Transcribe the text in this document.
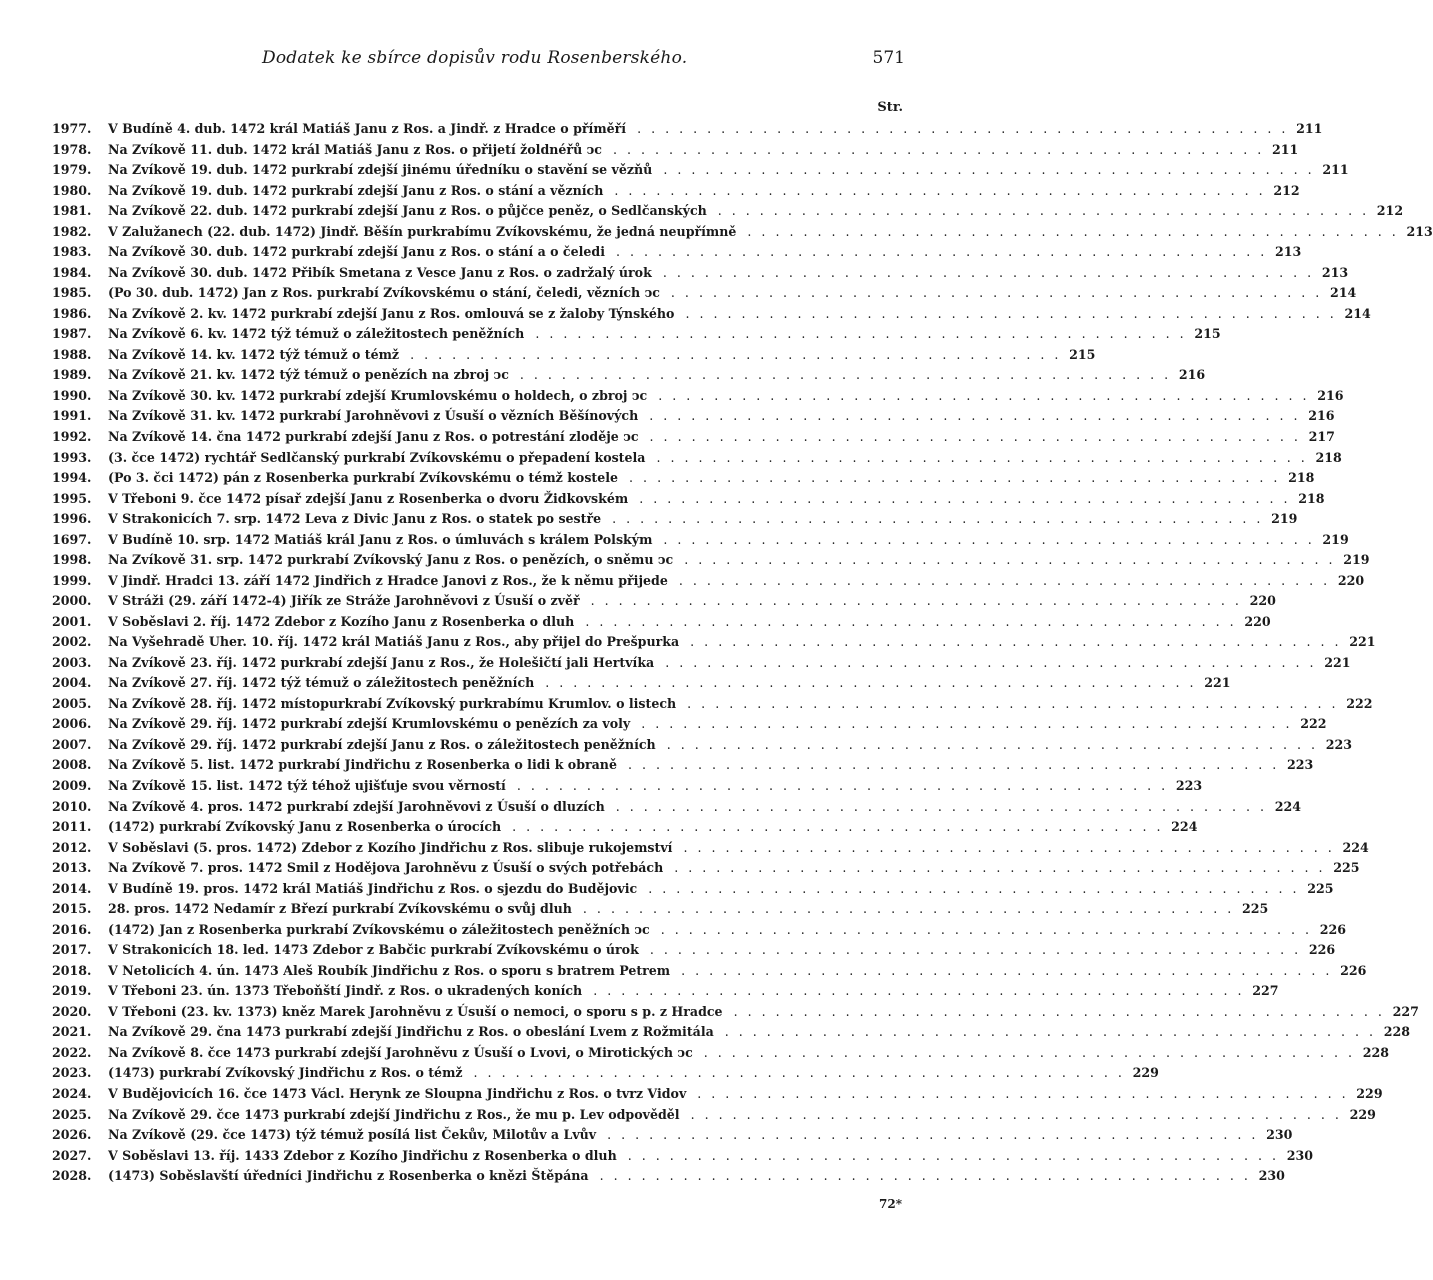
Dodatek ke sbírce dopisův rodu Rosenberského.	571
Str.
1977.	V Budíně 4. dub. 1472 král Matiáš Janu z Ros. a Jindř. z Hradce o příměří . . . . . . . . . . . . . . . . . . . . . . . . . . . . . . . . . . . . . . . . . . . . . . . 211
1978.	Na Zvíkově 11. dub. 1472 král Matiáš Janu z Ros. o přijetí žoldnéřů ↄc . . . . . . . . . . . . . . . . . . . . . . . . . . . . . . . . . . . . . . . . . . . . . . . 211
1979.	Na Zvíkově 19. dub. 1472 purkrabí zdejší jinému úředníku o stavění se vězňů . . . . . . . . . . . . . . . . . . . . . . . . . . . . . . . . . . . . . . . . . . . . . . . 211
1980.	Na Zvíkově 19. dub. 1472 purkrabí zdejší Janu z Ros. o stání a vězních . . . . . . . . . . . . . . . . . . . . . . . . . . . . . . . . . . . . . . . . . . . . . . . 212
1981.	Na Zvíkově 22. dub. 1472 purkrabí zdejší Janu z Ros. o půjčce peněz, o Sedlčanských . . . . . . . . . . . . . . . . . . . . . . . . . . . . . . . . . . . . . . . . . . . . . . . 212
1982.	V Zalužanech (22. dub. 1472) Jindř. Běšín purkrabímu Zvíkovskému, že jedná neupřímně . . . . . . . . . . . . . . . . . . . . . . . . . . . . . . . . . . . . . . . . . . . . . . . 213
1983.	Na Zvíkově 30. dub. 1472 purkrabí zdejší Janu z Ros. o stání a o čeledi . . . . . . . . . . . . . . . . . . . . . . . . . . . . . . . . . . . . . . . . . . . . . . . 213
1984.	Na Zvíkově 30. dub. 1472 Přibík Smetana z Vesce Janu z Ros. o zadržalý úrok . . . . . . . . . . . . . . . . . . . . . . . . . . . . . . . . . . . . . . . . . . . . . . . 213
1985.	(Po 30. dub. 1472) Jan z Ros. purkrabí Zvíkovskému o stání, čeledi, vězních ↄc . . . . . . . . . . . . . . . . . . . . . . . . . . . . . . . . . . . . . . . . . . . . . . . 214
1986.	Na Zvíkově 2. kv. 1472 purkrabí zdejší Janu z Ros. omlouvá se z žaloby Týnského . . . . . . . . . . . . . . . . . . . . . . . . . . . . . . . . . . . . . . . . . . . . . . . 214
1987.	Na Zvíkově 6. kv. 1472 týž témuž o záležitostech peněžních . . . . . . . . . . . . . . . . . . . . . . . . . . . . . . . . . . . . . . . . . . . . . . . 215
1988.	Na Zvíkově 14. kv. 1472 týž témuž o témž . . . . . . . . . . . . . . . . . . . . . . . . . . . . . . . . . . . . . . . . . . . . . . . 215
1989.	Na Zvíkově 21. kv. 1472 týž témuž o penězích na zbroj ↄc . . . . . . . . . . . . . . . . . . . . . . . . . . . . . . . . . . . . . . . . . . . . . . . 216
1990.	Na Zvíkově 30. kv. 1472 purkrabí zdejší Krumlovskému o holdech, o zbroj ↄc . . . . . . . . . . . . . . . . . . . . . . . . . . . . . . . . . . . . . . . . . . . . . . . 216
1991.	Na Zvíkově 31. kv. 1472 purkrabí Jarohněvovi z Úsuší o vězních Běšínových . . . . . . . . . . . . . . . . . . . . . . . . . . . . . . . . . . . . . . . . . . . . . . . 216
1992.	Na Zvíkově 14. čna 1472 purkrabí zdejší Janu z Ros. o potrestání zloděje ↄc . . . . . . . . . . . . . . . . . . . . . . . . . . . . . . . . . . . . . . . . . . . . . . . 217
1993.	(3. čce 1472) rychtář Sedlčanský purkrabí Zvíkovskému o přepadení kostela . . . . . . . . . . . . . . . . . . . . . . . . . . . . . . . . . . . . . . . . . . . . . . . 218
1994.	(Po 3. čci 1472) pán z Rosenberka purkrabí Zvíkovskému o témž kostele . . . . . . . . . . . . . . . . . . . . . . . . . . . . . . . . . . . . . . . . . . . . . . . 218
1995.	V Třeboni 9. čce 1472 písař zdejší Janu z Rosenberka o dvoru Židkovském . . . . . . . . . . . . . . . . . . . . . . . . . . . . . . . . . . . . . . . . . . . . . . . 218
1996.	V Strakonicích 7. srp. 1472 Leva z Divic Janu z Ros. o statek po sestře . . . . . . . . . . . . . . . . . . . . . . . . . . . . . . . . . . . . . . . . . . . . . . . 219
1697.	V Budíně 10. srp. 1472 Matiáš král Janu z Ros. o úmluvách s králem Polským . . . . . . . . . . . . . . . . . . . . . . . . . . . . . . . . . . . . . . . . . . . . . . . 219
1998.	Na Zvíkově 31. srp. 1472 purkrabí Zvíkovský Janu z Ros. o penězích, o sněmu ↄc . . . . . . . . . . . . . . . . . . . . . . . . . . . . . . . . . . . . . . . . . . . . . . . 219
1999.	V Jindř. Hradci 13. září 1472 Jindřich z Hradce Janovi z Ros., že k němu přijede . . . . . . . . . . . . . . . . . . . . . . . . . . . . . . . . . . . . . . . . . . . . . . . 220
2000.	V Stráži (29. září 1472-4) Jiřík ze Stráže Jarohněvovi z Úsuší o zvěř . . . . . . . . . . . . . . . . . . . . . . . . . . . . . . . . . . . . . . . . . . . . . . . 220
2001.	V Soběslavi 2. říj. 1472 Zdebor z Kozího Janu z Rosenberka o dluh . . . . . . . . . . . . . . . . . . . . . . . . . . . . . . . . . . . . . . . . . . . . . . . 220
2002.	Na Vyšehradě Uher. 10. říj. 1472 král Matiáš Janu z Ros., aby přijel do Prešpurka . . . . . . . . . . . . . . . . . . . . . . . . . . . . . . . . . . . . . . . . . . . . . . . 221
2003.	Na Zvíkově 23. říj. 1472 purkrabí zdejší Janu z Ros., že Holešičtí jali Hertvíka . . . . . . . . . . . . . . . . . . . . . . . . . . . . . . . . . . . . . . . . . . . . . . . 221
2004.	Na Zvíkově 27. říj. 1472 týž témuž o záležitostech peněžních . . . . . . . . . . . . . . . . . . . . . . . . . . . . . . . . . . . . . . . . . . . . . . . 221
2005.	Na Zvíkově 28. říj. 1472 místopurkrabí Zvíkovský purkrabímu Krumlov. o listech . . . . . . . . . . . . . . . . . . . . . . . . . . . . . . . . . . . . . . . . . . . . . . . 222
2006.	Na Zvíkově 29. říj. 1472 purkrabí zdejší Krumlovskému o penězích za voly . . . . . . . . . . . . . . . . . . . . . . . . . . . . . . . . . . . . . . . . . . . . . . . 222
2007.	Na Zvíkově 29. říj. 1472 purkrabí zdejší Janu z Ros. o záležitostech peněžních . . . . . . . . . . . . . . . . . . . . . . . . . . . . . . . . . . . . . . . . . . . . . . . 223
2008.	Na Zvíkově 5. list. 1472 purkrabí Jindřichu z Rosenberka o lidi k obraně . . . . . . . . . . . . . . . . . . . . . . . . . . . . . . . . . . . . . . . . . . . . . . . 223
2009.	Na Zvíkově 15. list. 1472 týž téhož ujišťuje svou věrností . . . . . . . . . . . . . . . . . . . . . . . . . . . . . . . . . . . . . . . . . . . . . . . 223
2010.	Na Zvíkově 4. pros. 1472 purkrabí zdejší Jarohněvovi z Úsuší o dluzích . . . . . . . . . . . . . . . . . . . . . . . . . . . . . . . . . . . . . . . . . . . . . . . 224
2011.	(1472) purkrabí Zvíkovský Janu z Rosenberka o úrocích . . . . . . . . . . . . . . . . . . . . . . . . . . . . . . . . . . . . . . . . . . . . . . . 224
2012.	V Soběslavi (5. pros. 1472) Zdebor z Kozího Jindřichu z Ros. slibuje rukojemství . . . . . . . . . . . . . . . . . . . . . . . . . . . . . . . . . . . . . . . . . . . . . . . 224
2013.	Na Zvíkově 7. pros. 1472 Smil z Hodějova Jarohněvu z Úsuší o svých potřebách . . . . . . . . . . . . . . . . . . . . . . . . . . . . . . . . . . . . . . . . . . . . . . . 225
2014.	V Budíně 19. pros. 1472 král Matiáš Jindřichu z Ros. o sjezdu do Budějovic . . . . . . . . . . . . . . . . . . . . . . . . . . . . . . . . . . . . . . . . . . . . . . . 225
2015.	28. pros. 1472 Nedamír z Březí purkrabí Zvíkovskému o svůj dluh . . . . . . . . . . . . . . . . . . . . . . . . . . . . . . . . . . . . . . . . . . . . . . . 225
2016.	(1472) Jan z Rosenberka purkrabí Zvíkovskému o záležitostech peněžních ↄc . . . . . . . . . . . . . . . . . . . . . . . . . . . . . . . . . . . . . . . . . . . . . . . 226
2017.	V Strakonicích 18. led. 1473 Zdebor z Babčic purkrabí Zvíkovskému o úrok . . . . . . . . . . . . . . . . . . . . . . . . . . . . . . . . . . . . . . . . . . . . . . . 226
2018.	V Netolicích 4. ún. 1473 Aleš Roubík Jindřichu z Ros. o sporu s bratrem Petrem . . . . . . . . . . . . . . . . . . . . . . . . . . . . . . . . . . . . . . . . . . . . . . . 226
2019.	V Třeboni 23. ún. 1373 Třeboňští Jindř. z Ros. o ukradených koních . . . . . . . . . . . . . . . . . . . . . . . . . . . . . . . . . . . . . . . . . . . . . . . 227
2020.	V Třeboni (23. kv. 1373) kněz Marek Jarohněvu z Úsuší o nemoci, o sporu s p. z Hradce . . . . . . . . . . . . . . . . . . . . . . . . . . . . . . . . . . . . . . . . . . . . . . . 227
2021.	Na Zvíkově 29. čna 1473 purkrabí zdejší Jindřichu z Ros. o obeslání Lvem z Rožmitála . . . . . . . . . . . . . . . . . . . . . . . . . . . . . . . . . . . . . . . . . . . . . . . 228
2022.	Na Zvíkově 8. čce 1473 purkrabí zdejší Jarohněvu z Úsuší o Lvovi, o Mirotických ↄc . . . . . . . . . . . . . . . . . . . . . . . . . . . . . . . . . . . . . . . . . . . . . . . 228
2023.	(1473) purkrabí Zvíkovský Jindřichu z Ros. o témž . . . . . . . . . . . . . . . . . . . . . . . . . . . . . . . . . . . . . . . . . . . . . . . 229
2024.	V Budějovicích 16. čce 1473 Václ. Herynk ze Sloupna Jindřichu z Ros. o tvrz Vidov . . . . . . . . . . . . . . . . . . . . . . . . . . . . . . . . . . . . . . . . . . . . . . . 229
2025.	Na Zvíkově 29. čce 1473 purkrabí zdejší Jindřichu z Ros., že mu p. Lev odpověděl . . . . . . . . . . . . . . . . . . . . . . . . . . . . . . . . . . . . . . . . . . . . . . . 229
2026.	Na Zvíkově (29. čce 1473) týž témuž posílá list Čekův, Milotův a Lvův . . . . . . . . . . . . . . . . . . . . . . . . . . . . . . . . . . . . . . . . . . . . . . . 230
2027.	V Soběslavi 13. říj. 1433 Zdebor z Kozího Jindřichu z Rosenberka o dluh . . . . . . . . . . . . . . . . . . . . . . . . . . . . . . . . . . . . . . . . . . . . . . . 230
2028.	(1473) Soběslavští úředníci Jindřichu z Rosenberka o knězi Štěpána . . . . . . . . . . . . . . . . . . . . . . . . . . . . . . . . . . . . . . . . . . . . . . . 230
72*
